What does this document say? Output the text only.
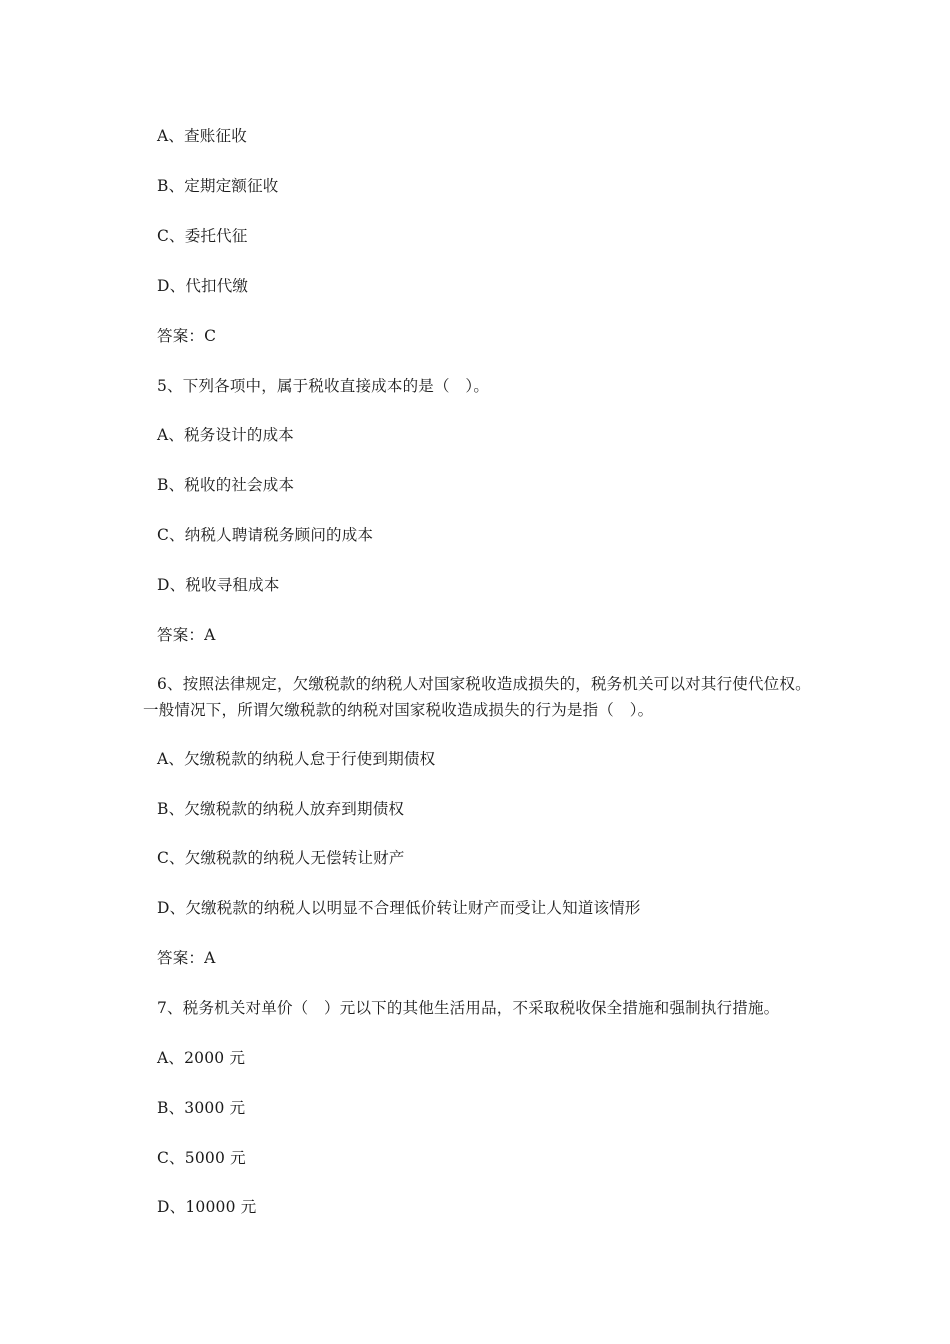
A、查账征收
B、定期定额征收
C、委托代征
D、代扣代缴
答案：C
5、下列各项中，属于税收直接成本的是（　）。
A、税务设计的成本
B、税收的社会成本
C、纳税人聘请税务顾问的成本
D、税收寻租成本
答案：A
6、按照法律规定，欠缴税款的纳税人对国家税收造成损失的，税务机关可以对其行使代位权。一般情况下，所谓欠缴税款的纳税对国家税收造成损失的行为是指（　）。
A、欠缴税款的纳税人怠于行使到期债权
B、欠缴税款的纳税人放弃到期债权
C、欠缴税款的纳税人无偿转让财产
D、欠缴税款的纳税人以明显不合理低价转让财产而受让人知道该情形
答案：A
7、税务机关对单价（　）元以下的其他生活用品，不采取税收保全措施和强制执行措施。
A、2000 元
B、3000 元
C、5000 元
D、10000 元
